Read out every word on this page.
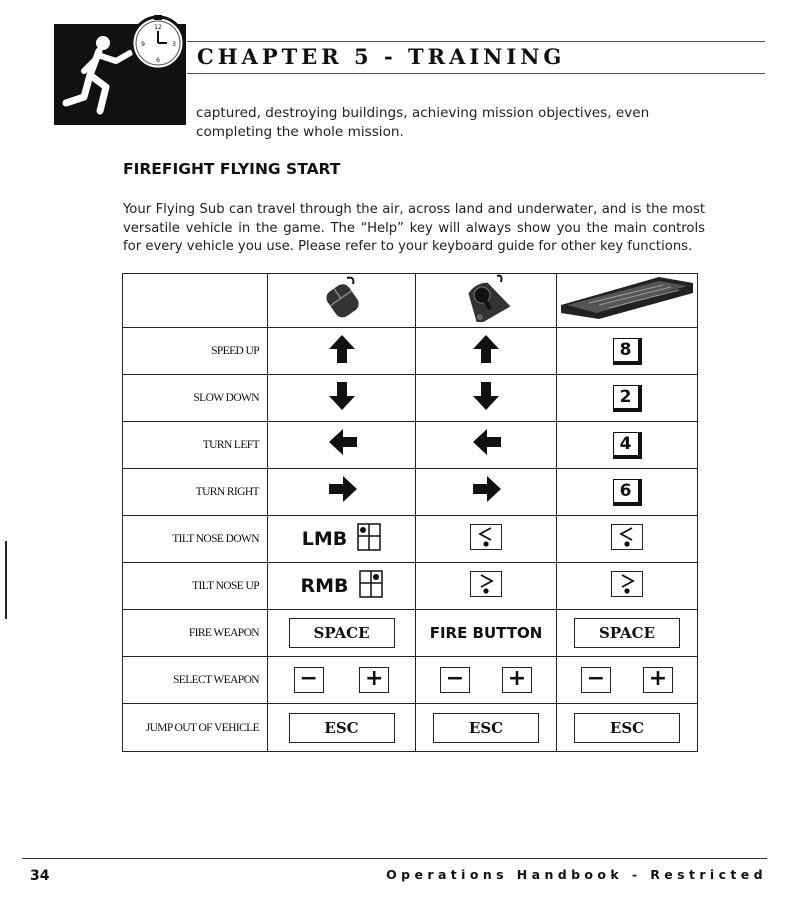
12
3
6
9 CHAPTER 5 - TRAINING
captured, destroying buildings, achieving mission objectives, even completing the whole mission.
FIREFIGHT FLYING START
Your Flying Sub can travel through the air, across land and underwater, and is the most versatile vehicle in the game. The “Help” key will always show you the main controls for every vehicle you use. Please refer to your keyboard guide for other key functions.

SPEED UP			8
SLOW DOWN			2
TURN LEFT			4
TURN RIGHT			6
TILT NOSE DOWN	LMB

TILT NOSE UP	RMB

FIRE WEAPON	SPACE	FIRE BUTTON	SPACE
SELECT WEAPON	− +	− +	− +

JUMP OUT OF VEHICLE	ESC	ESC	ESC
34	Operations Handbook - Restricted
